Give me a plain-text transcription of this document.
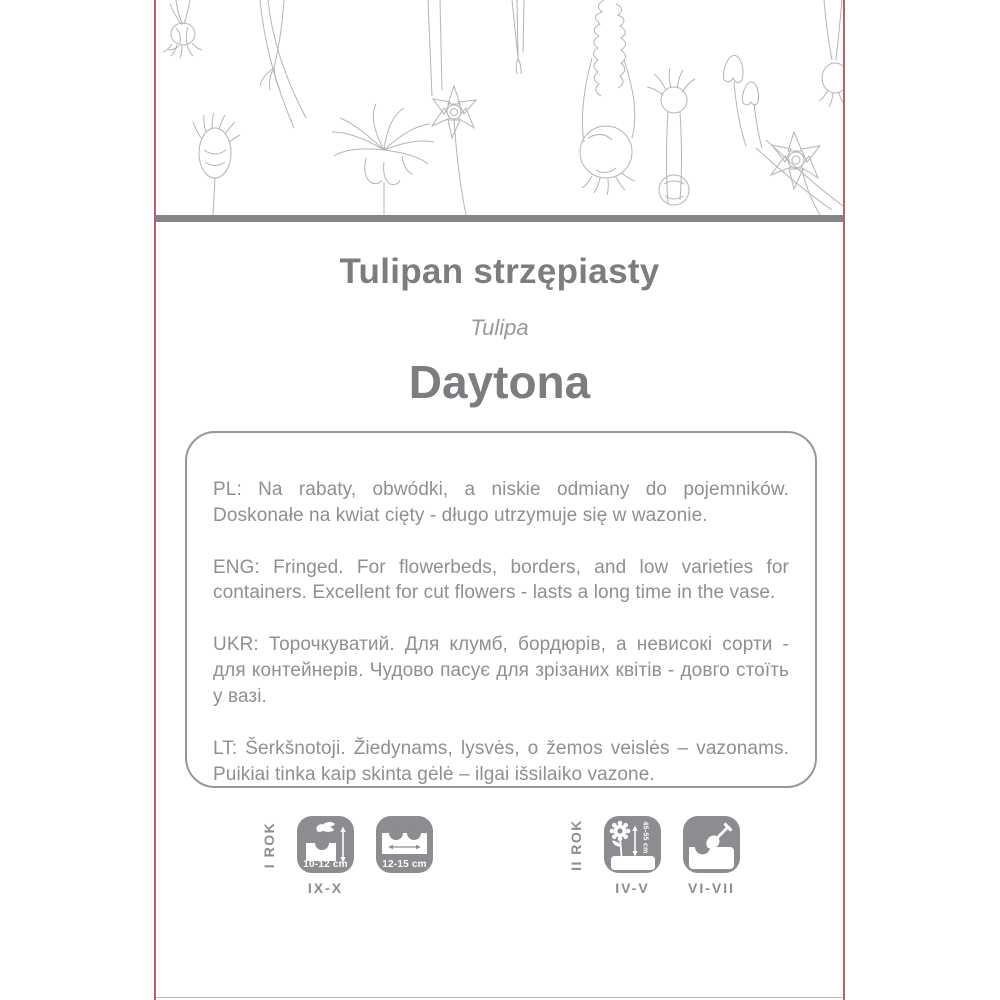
Tulipan strzępiasty
Tulipa
Daytona

PL: Na rabaty, obwódki, a niskie odmiany do pojemników. Doskonałe na kwiat cięty - długo utrzymuje się w wazonie.

ENG: Fringed. For flowerbeds, borders, and low varieties for containers. Excellent for cut flowers - lasts a long time in the vase.

UKR: Торочкуватий. Для клумб, бордюрів, а невисокі сорти - для контейнерів. Чудово пасує для зрізаних квітів - довго стоїть у вазі.

LT: Šerkšnotoji. Žiedynams, lysvės, o žemos veislės – vazonams. Puikiai tinka kaip skinta gėlė – ilgai išsilaiko vazone.

I ROK	10-12 cm
IX-X
12-15 cm	II ROK	45-55 cm
IV-V	VI-VII
